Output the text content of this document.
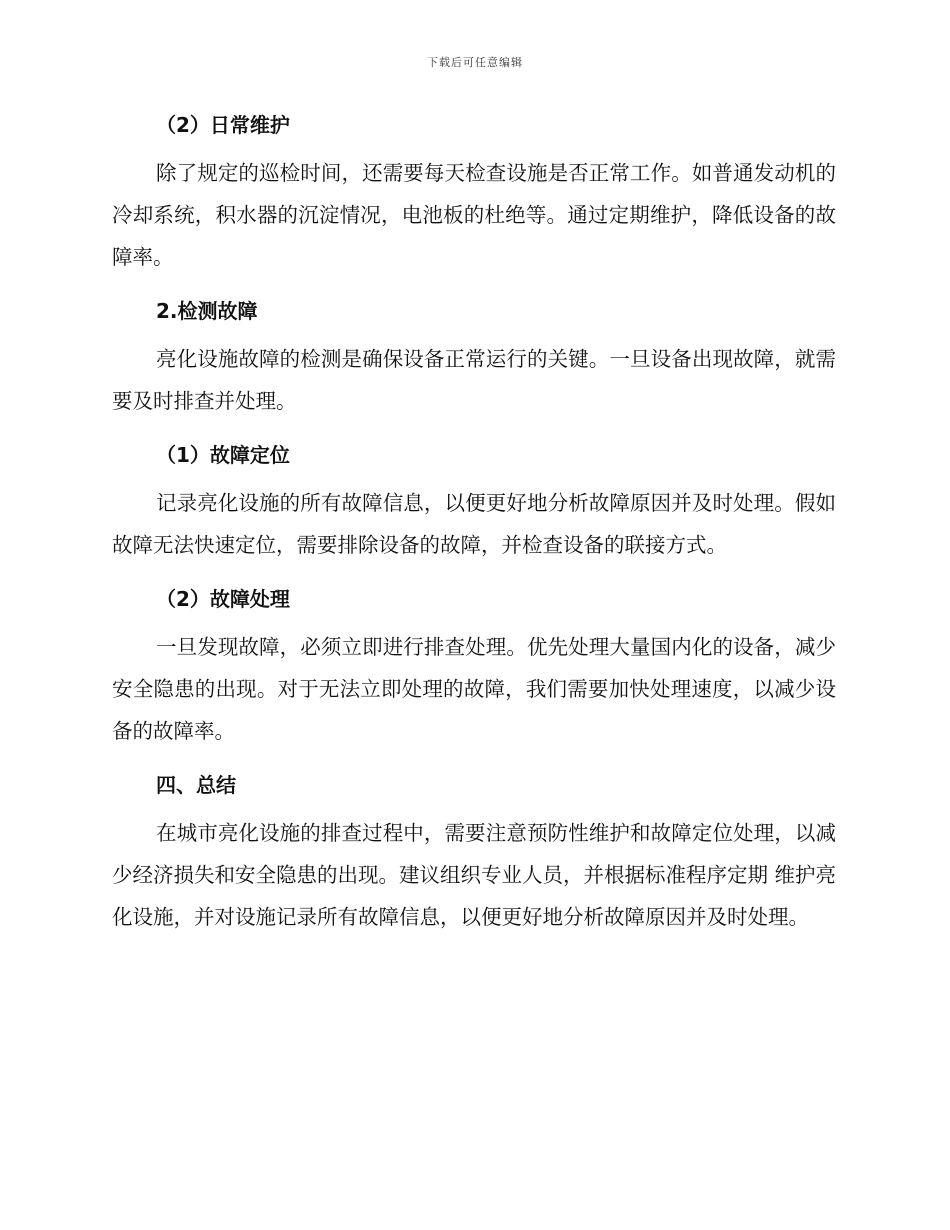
下载后可任意编辑
（2）日常维护

除了规定的巡检时间，还需要每天检查设施是否正常工作。如普通发动机的冷却系统，积水器的沉淀情况，电池板的杜绝等。通过定期维护，降低设备的故障率。

2.检测故障

亮化设施故障的检测是确保设备正常运行的关键。一旦设备出现故障，就需要及时排查并处理。

（1）故障定位

记录亮化设施的所有故障信息，以便更好地分析故障原因并及时处理。假如故障无法快速定位，需要排除设备的故障，并检查设备的联接方式。

（2）故障处理

一旦发现故障，必须立即进行排查处理。优先处理大量国内化的设备，减少安全隐患的出现。对于无法立即处理的故障，我们需要加快处理速度，以减少设备的故障率。

四、总结

在城市亮化设施的排查过程中，需要注意预防性维护和故障定位处理，以减少经济损失和安全隐患的出现。建议组织专业人员，并根据标准程序定期 维护亮化设施，并对设施记录所有故障信息，以便更好地分析故障原因并及时处理。
